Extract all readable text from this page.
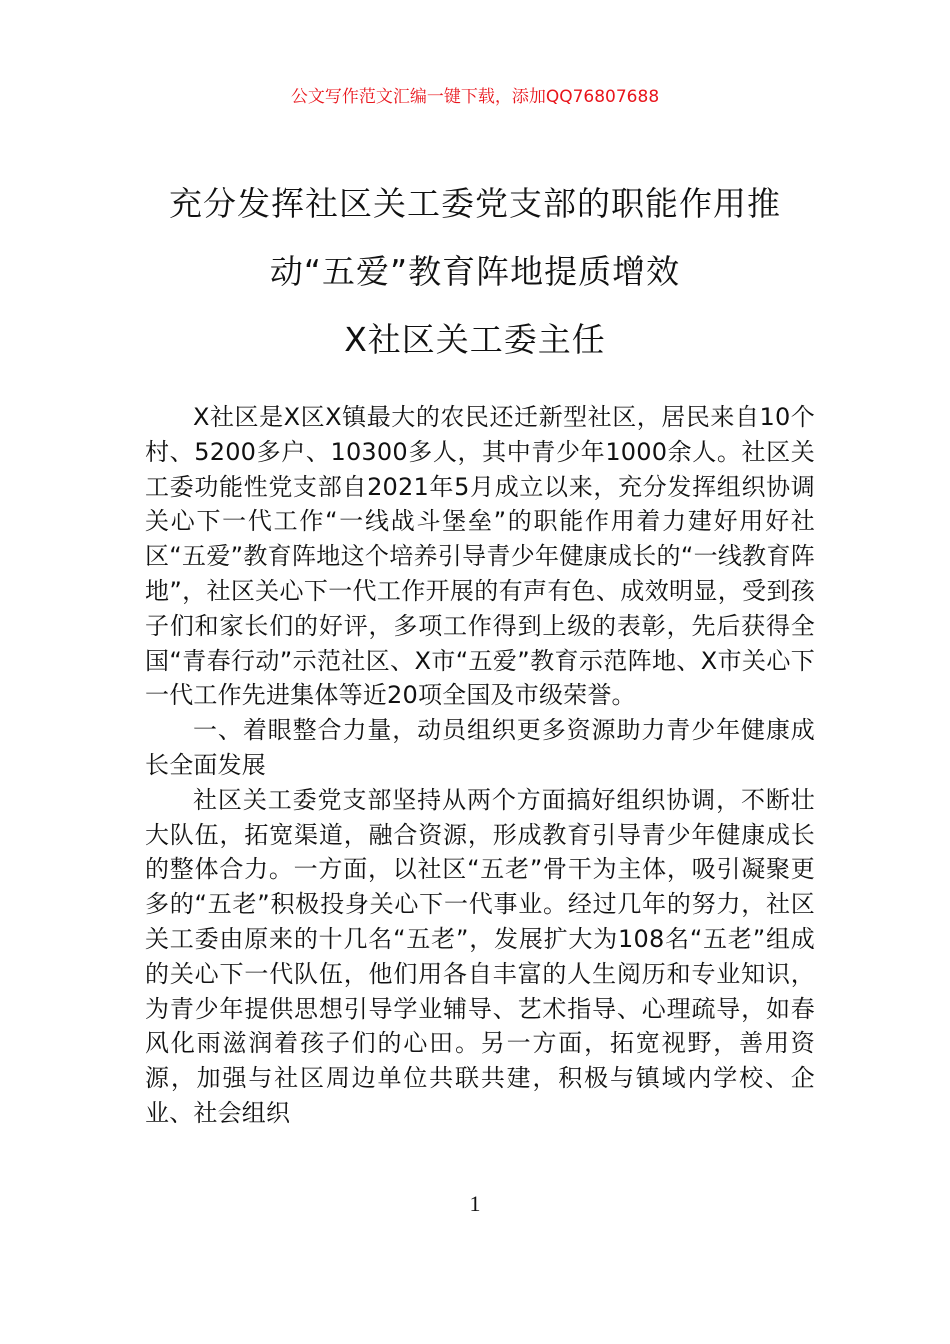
公文写作范文汇编一键下载，添加QQ76807688
充分发挥社区关工委党支部的职能作用推
动“五爱”教育阵地提质增效
X社区关工委主任

X社区是X区X镇最大的农民还迁新型社区，居民来自10个村、5200多户、10300多人，其中青少年1000余人。社区关工委功能性党支部自2021年5月成立以来，充分发挥组织协调关心下一代工作“一线战斗堡垒”的职能作用着力建好用好社区“五爱”教育阵地这个培养引导青少年健康成长的“一线教育阵地”，社区关心下一代工作开展的有声有色、成效明显，受到孩子们和家长们的好评，多项工作得到上级的表彰，先后获得全国“青春行动”示范社区、X市“五爱”教育示范阵地、X市关心下一代工作先进集体等近20项全国及市级荣誉。

一、着眼整合力量，动员组织更多资源助力青少年健康成长全面发展

社区关工委党支部坚持从两个方面搞好组织协调，不断壮大队伍，拓宽渠道，融合资源，形成教育引导青少年健康成长的整体合力。一方面，以社区“五老”骨干为主体，吸引凝聚更多的“五老”积极投身关心下一代事业。经过几年的努力，社区关工委由原来的十几名“五老”，发展扩大为108名“五老”组成的关心下一代队伍，他们用各自丰富的人生阅历和专业知识，为青少年提供思想引导学业辅导、艺术指导、心理疏导，如春风化雨滋润着孩子们的心田。另一方面，拓宽视野，善用资源，加强与社区周边单位共联共建，积极与镇域内学校、企业、社会组织

1
